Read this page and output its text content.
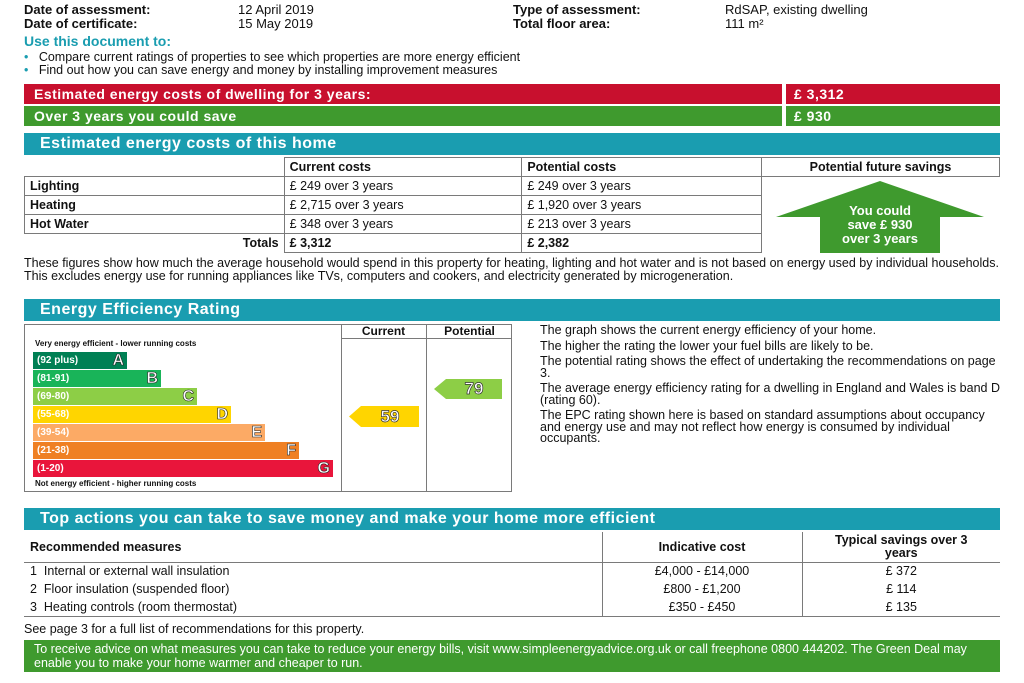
Date of assessment:	12 April 2019
Date of certificate:	15 May 2019
Type of assessment:	RdSAP, existing dwelling
Total floor area:	111 m²
Use this document to:
• Compare current ratings of properties to see which properties are more energy efficient
• Find out how you can save energy and money by installing improvement measures
Estimated energy costs of dwelling for 3 years:	£ 3,312
Over 3 years you could save	£ 930
Estimated energy costs of this home
	Current costs	Potential costs
Lighting	£ 249 over 3 years	£ 249 over 3 years
Heating	£ 2,715 over 3 years	£ 1,920 over 3 years
Hot Water	£ 348 over 3 years	£ 213 over 3 years
Totals	£ 3,312	£ 2,382
Potential future savings
You could
save £ 930
over 3 years
These figures show how much the average household would spend in this property for heating, lighting and hot water and is not based on energy used by individual households. This excludes energy use for running appliances like TVs, computers and cookers, and electricity generated by microgeneration.
Energy Efficiency Rating
Current	Potential
Very energy efficient - lower running costs
(92 plus) A
(81-91)	B
(69-80)	C
(55-68)	D
(39-54)	E
(21-38)	F
(1-20)	G
Not energy efficient - higher running costs
59
79
The graph shows the current energy efficiency of your home.
The higher the rating the lower your fuel bills are likely to be.
The potential rating shows the effect of undertaking the recommendations on page 3.
The average energy efficiency rating for a dwelling in England and Wales is band D (rating 60).
The EPC rating shown here is based on standard assumptions about occupancy and energy use and may not reflect how energy is consumed by individual occupants.
Top actions you can take to save money and make your home more efficient
Recommended measures	Indicative cost	Typical savings over 3 years
1 Internal or external wall insulation	£4,000 - £14,000	£ 372
2 Floor insulation (suspended floor)	£800 - £1,200	£ 114
3 Heating controls (room thermostat)	£350 - £450	£ 135
See page 3 for a full list of recommendations for this property.
To receive advice on what measures you can take to reduce your energy bills, visit www.simpleenergyadvice.org.uk or call freephone 0800 444202. The Green Deal may enable you to make your home warmer and cheaper to run.
